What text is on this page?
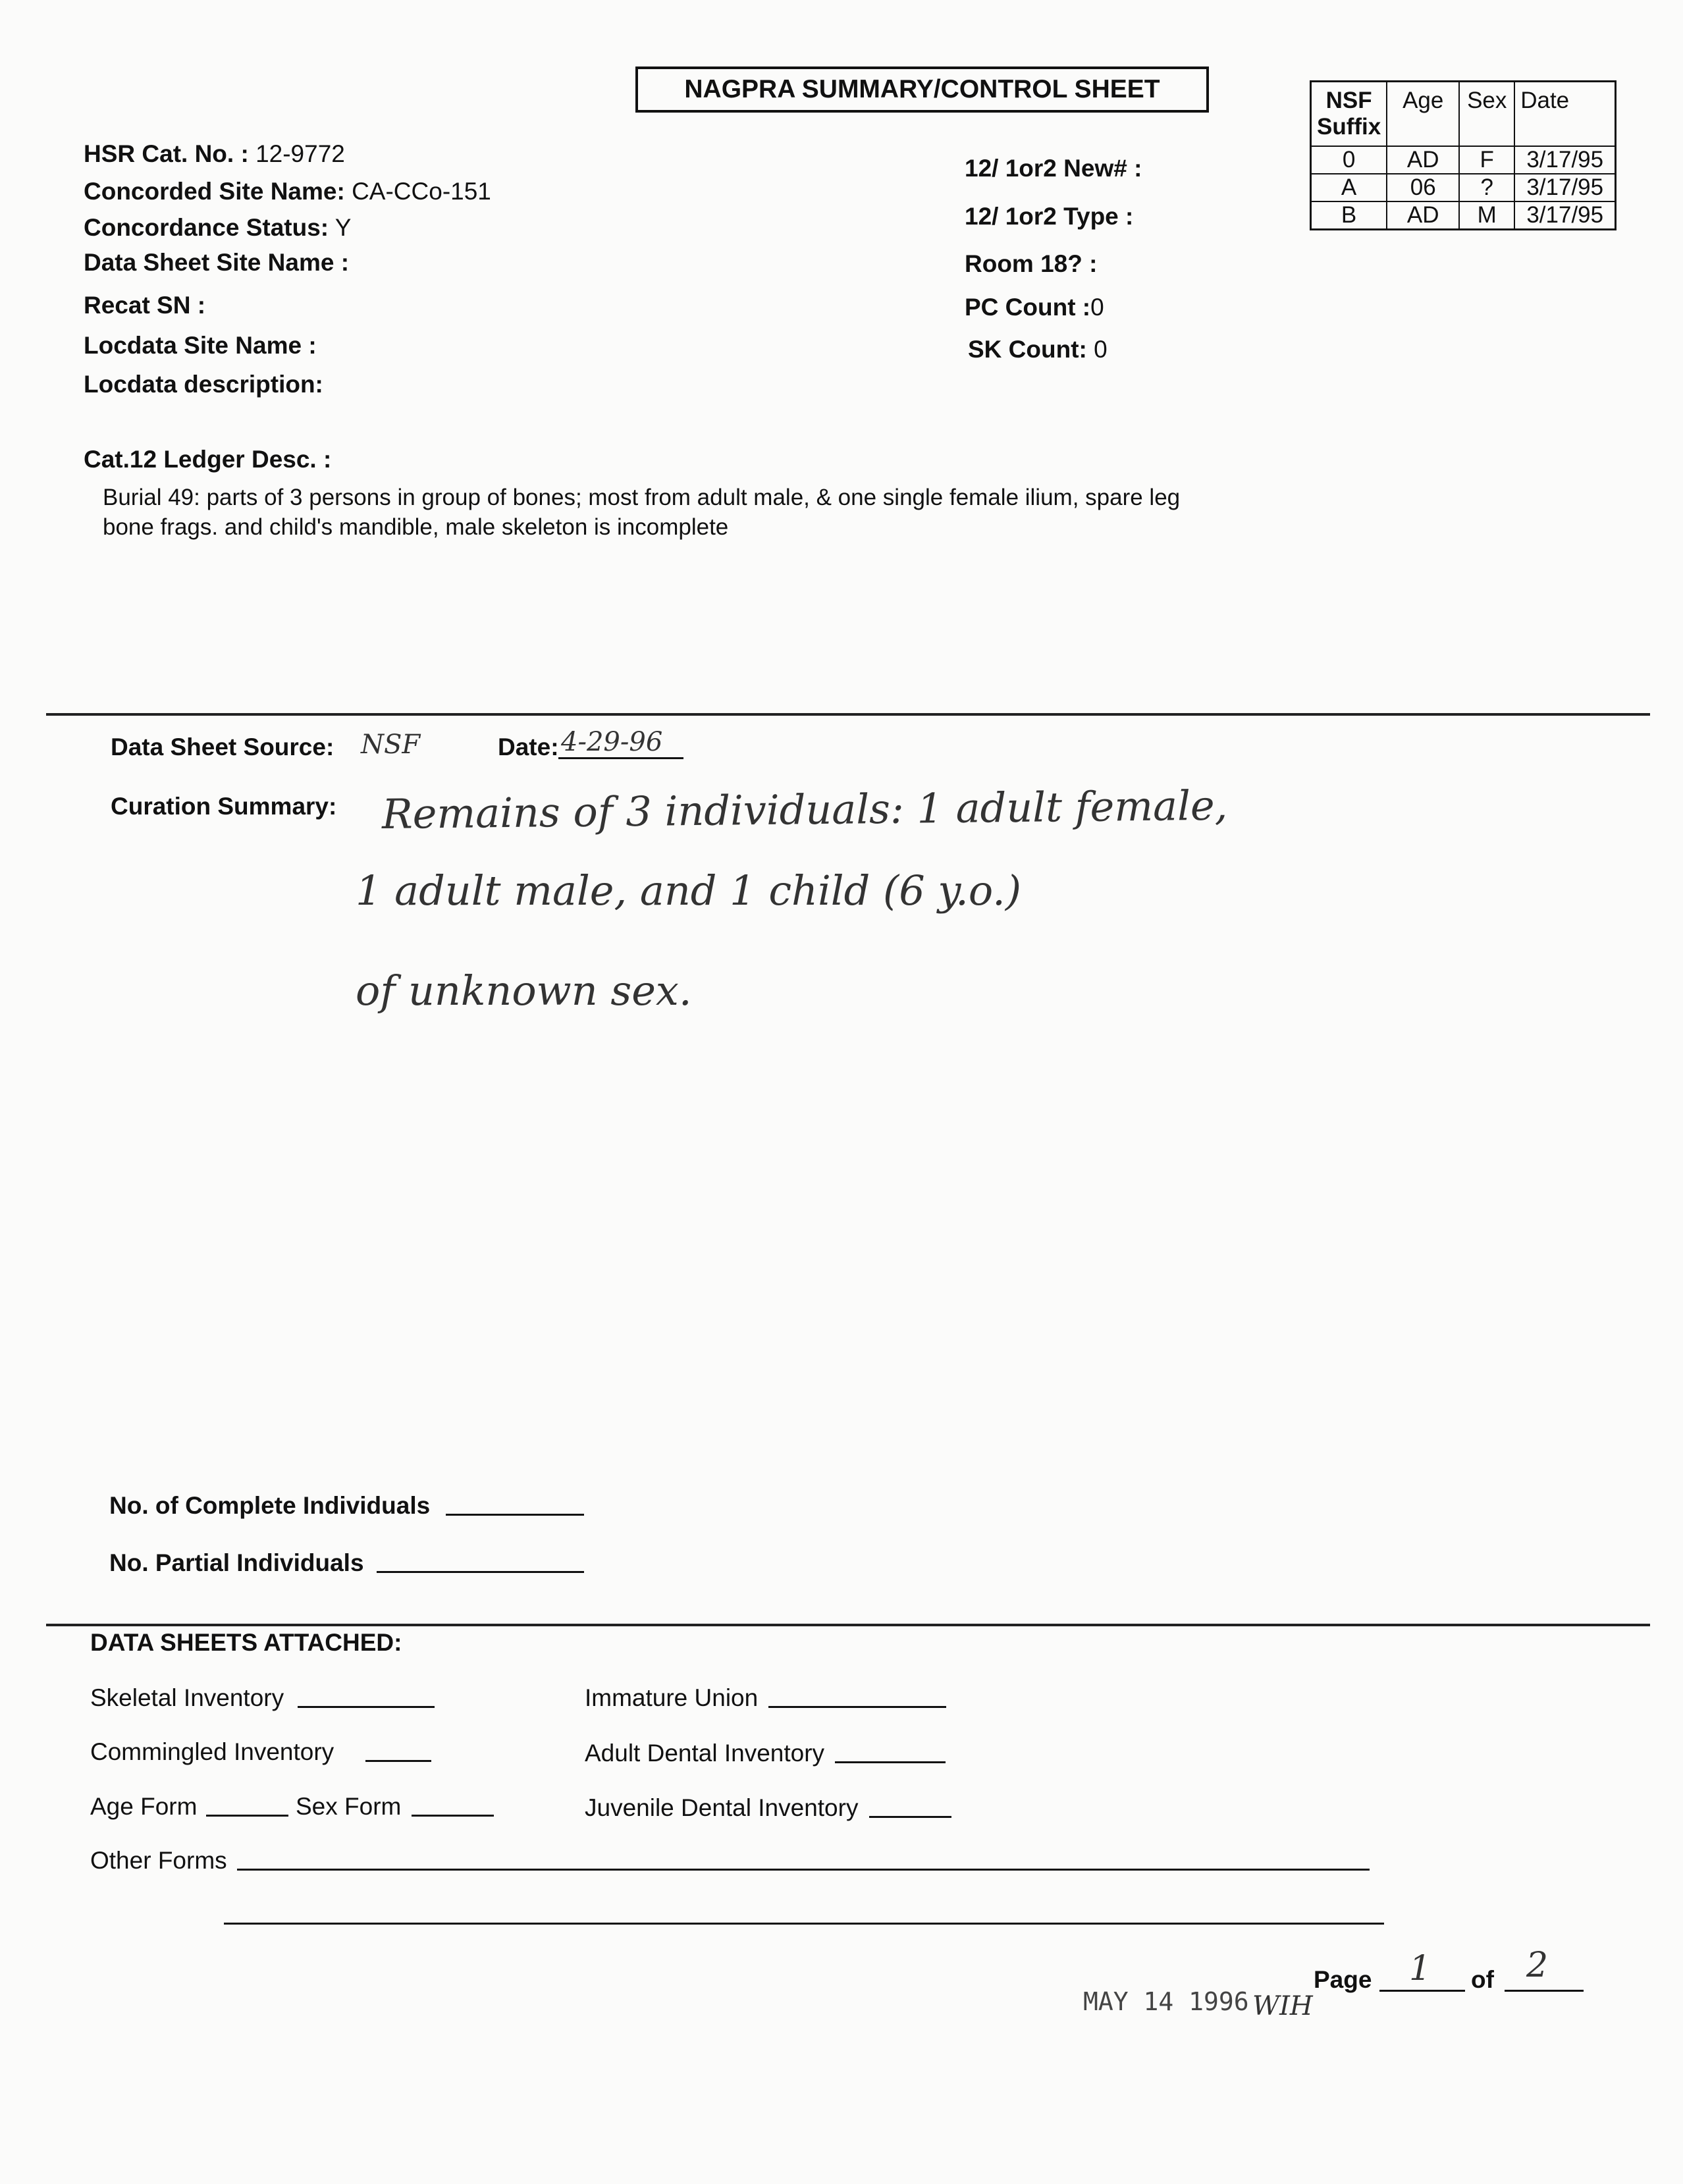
NAGPRA SUMMARY/CONTROL SHEET
HSR Cat. No. : 12-9772
Concorded Site Name: CA-CCo-151
Concordance Status: Y
Data Sheet Site Name :
Recat SN :
Locdata Site Name :
Locdata description:
12/ 1or2 New# :
12/ 1or2 Type :
Room 18? :
PC Count :0
SK Count: 0
NSF Suffix	Age	Sex	Date
0	AD	F	3/17/95
A	06	?	3/17/95
B	AD	M	3/17/95
Cat.12 Ledger Desc. :
Burial 49: parts of 3 persons in group of bones; most from adult male, & one single female ilium, spare leg
bone frags. and child's mandible, male skeleton is incomplete
Data Sheet Source: NSF	Date: 4-29-96
Curation Summary: Remains of 3 individuals: 1 adult female,
1 adult male, and 1 child (6 y.o.)
of unknown sex.
No. of Complete Individuals
No. Partial Individuals
DATA SHEETS ATTACHED:
Skeletal Inventory
Commingled Inventory
Age Form	Sex Form
Other Forms
Immature Union
Adult Dental Inventory
Juvenile Dental Inventory
Page 1 of 2
MAY 14 1996 WIH
